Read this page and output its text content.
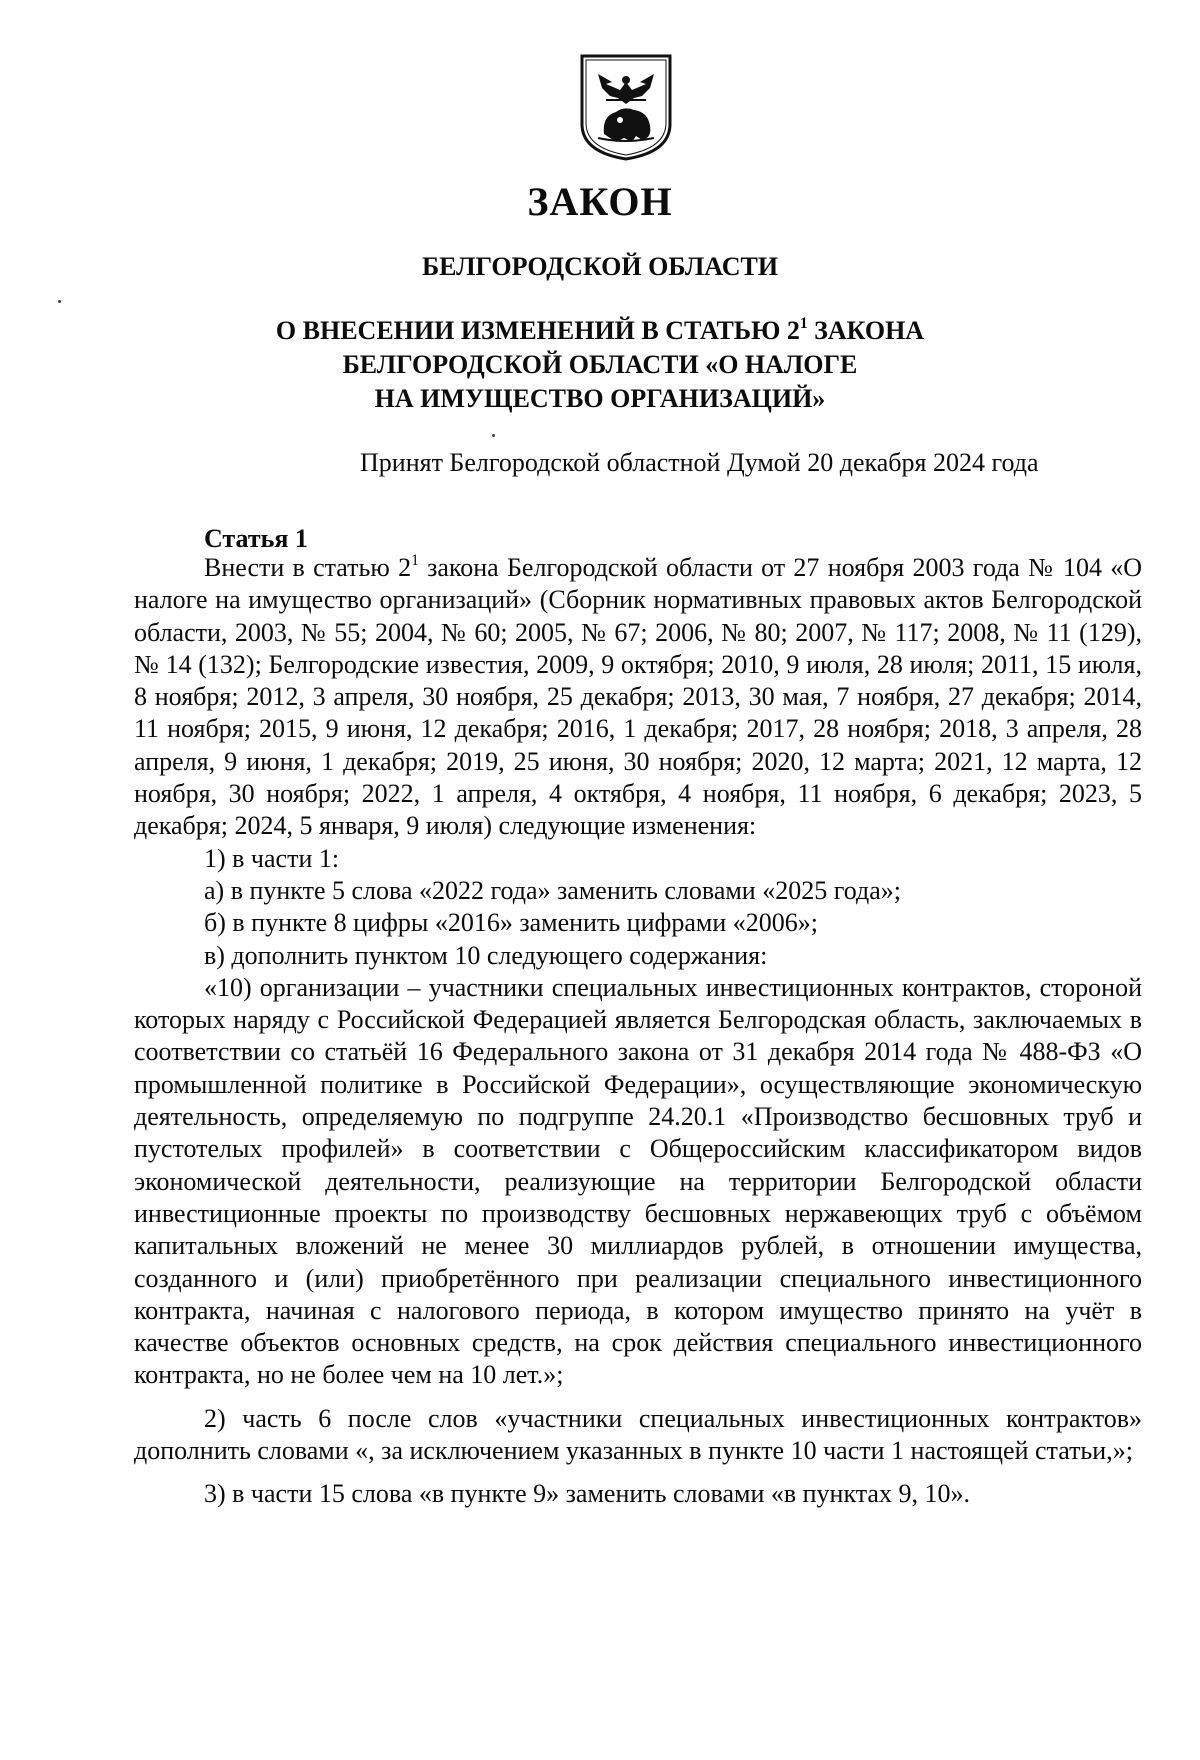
ЗАКОН
БЕЛГОРОДСКОЙ ОБЛАСТИ
О ВНЕСЕНИИ ИЗМЕНЕНИЙ В СТАТЬЮ $2^1$ ЗАКОНА
БЕЛГОРОДСКОЙ ОБЛАСТИ «О НАЛОГЕ
НА ИМУЩЕСТВО ОРГАНИЗАЦИЙ»
Принят Белгородской областной Думой 20 декабря 2024 года
Статья 1

Внести в статью $2^1$ закона Белгородской области от 27 ноября 2003 года № 104 «О налоге на имущество организаций» (Сборник нормативных правовых актов Белгородской области, 2003, № 55; 2004, № 60; 2005, № 67; 2006, № 80; 2007, № 117; 2008, № 11 (129), № 14 (132); Белгородские известия, 2009, 9 октября; 2010, 9 июля, 28 июля; 2011, 15 июля, 8 ноября; 2012, 3 апреля, 30 ноября, 25 декабря; 2013, 30 мая, 7 ноября, 27 декабря; 2014, 11 ноября; 2015, 9 июня, 12 декабря; 2016, 1 декабря; 2017, 28 ноября; 2018, 3 апреля, 28 апреля, 9 июня, 1 декабря; 2019, 25 июня, 30 ноября; 2020, 12 марта; 2021, 12 марта, 12 ноября, 30 ноября; 2022, 1 апреля, 4 октября, 4 ноября, 11 ноября, 6 декабря; 2023, 5 декабря; 2024, 5 января, 9 июля) следующие изменения:

1) в части 1:

а) в пункте 5 слова «2022 года» заменить словами «2025 года»;

б) в пункте 8 цифры «2016» заменить цифрами «2006»;

в) дополнить пунктом 10 следующего содержания:

«10) организации – участники специальных инвестиционных контрактов, стороной которых наряду с Российской Федерацией является Белгородская область, заключаемых в соответствии со статьёй 16 Федерального закона от 31 декабря 2014 года № 488-ФЗ «О промышленной политике в Российской Федерации», осуществляющие экономическую деятельность, определяемую по подгруппе 24.20.1 «Производство бесшовных труб и пустотелых профилей» в соответствии с Общероссийским классификатором видов экономической деятельности, реализующие на территории Белгородской области инвестиционные проекты по производству бесшовных нержавеющих труб с объёмом капитальных вложений не менее 30 миллиардов рублей, в отношении имущества, созданного и (или) приобретённого при реализации специального инвестиционного контракта, начиная с налогового периода, в котором имущество принято на учёт в качестве объектов основных средств, на срок действия специального инвестиционного контракта, но не более чем на 10 лет.»;

2) часть 6 после слов «участники специальных инвестиционных контрактов» дополнить словами «, за исключением указанных в пункте 10 части 1 настоящей статьи,»;

3) в части 15 слова «в пункте 9» заменить словами «в пунктах 9, 10».
